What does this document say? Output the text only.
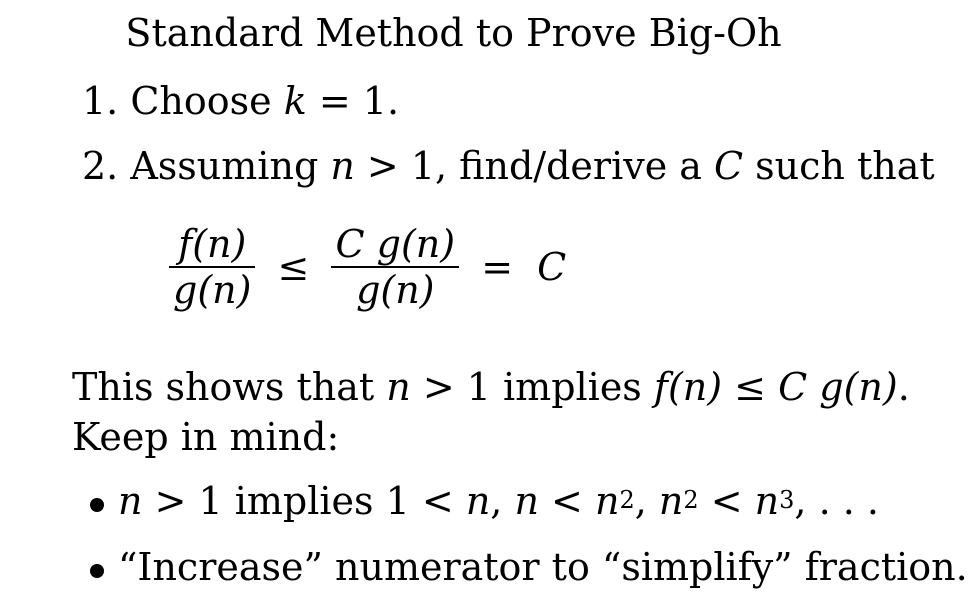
Standard Method to Prove Big-Oh
1. Choose k = 1.
2. Assuming n > 1, find/derive a C such that
$\frac{f(n)}{g(n)} \le \frac{\text{C g(n)}}{g(n)} = C$
This shows that n > 1 implies f(n) ≤ C g(n).
Keep in mind:
n > 1 implies 1 < n, $n < n^2$, $n^2 < n^3$, . . .
“Increase” numerator to “simplify” fraction.
